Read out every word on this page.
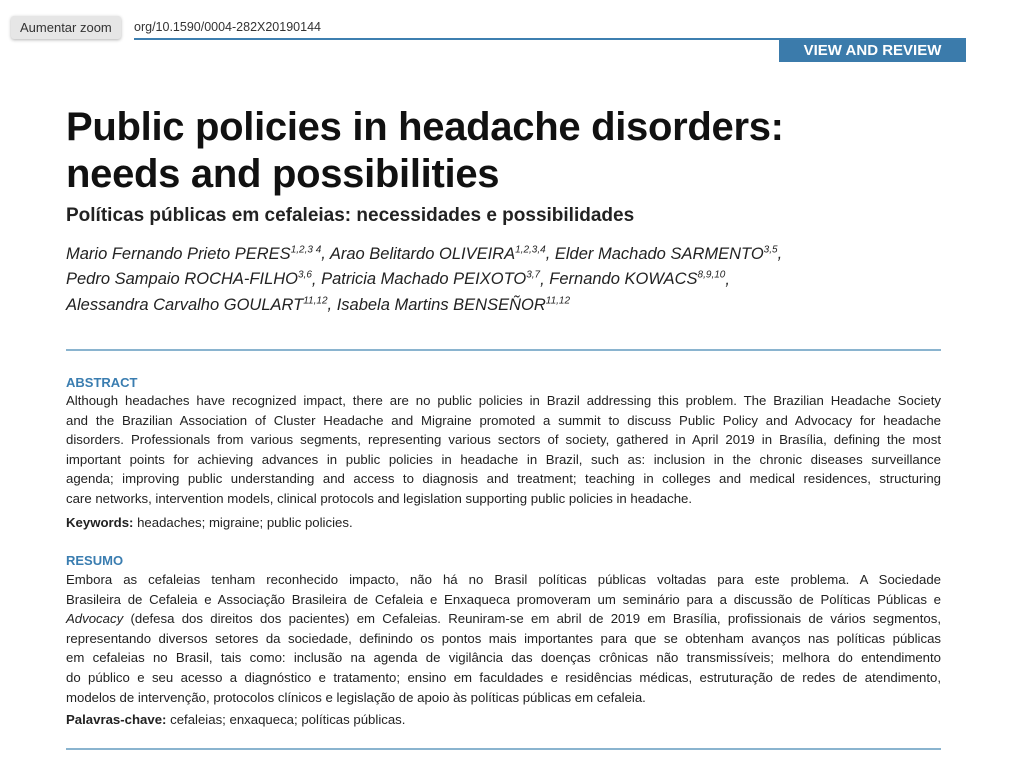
org/10.1590/0004-282X20190144
Aumentar zoom
VIEW AND REVIEW
Public policies in headache disorders:
needs and possibilities
Políticas públicas em cefaleias: necessidades e possibilidades
Mario Fernando Prieto $PERES^{1,2,3 4}$, Arao Belitardo OLIVEIRA$^{1,2,3,4}$, Elder Machado SARMENTO$^{3,5}$,
Pedro Sampaio ROCHA-FILHO$^{3,6}$, Patricia Machado PEIXOTO$^{3,7}$, Fernando KOWACS$^{8,9,10}$,
Alessandra Carvalho GOULART$^{11,12}$, Isabela Martins BENSEÑOR$^{11,12}$
ABSTRACT
Although headaches have recognized impact, there are no public policies in Brazil addressing this problem. The Brazilian Headache Society
and the Brazilian Association of Cluster Headache and Migraine promoted a summit to discuss Public Policy and Advocacy for headache
disorders. Professionals from various segments, representing various sectors of society, gathered in April 2019 in Brasília, defining the most
important points for achieving advances in public policies in headache in Brazil, such as: inclusion in the chronic diseases surveillance
agenda; improving public understanding and access to diagnosis and treatment; teaching in colleges and medical residences, structuring
care networks, intervention models, clinical protocols and legislation supporting public policies in headache.
Keywords: headaches; migraine; public policies.
RESUMO
Embora as cefaleias tenham reconhecido impacto, não há no Brasil políticas públicas voltadas para este problema. A Sociedade
Brasileira de Cefaleia e Associação Brasileira de Cefaleia e Enxaqueca promoveram um seminário para a discussão de Políticas Públicas e
Advocacy (defesa dos direitos dos pacientes) em Cefaleias. Reuniram-se em abril de 2019 em Brasília, profissionais de vários segmentos,
representando diversos setores da sociedade, definindo os pontos mais importantes para que se obtenham avanços nas políticas públicas
em cefaleias no Brasil, tais como: inclusão na agenda de vigilância das doenças crônicas não transmissíveis; melhora do entendimento
do público e seu acesso a diagnóstico e tratamento; ensino em faculdades e residências médicas, estruturação de redes de atendimento,
modelos de intervenção, protocolos clínicos e legislação de apoio às políticas públicas em cefaleia.
Palavras-chave: cefaleias; enxaqueca; políticas públicas.
